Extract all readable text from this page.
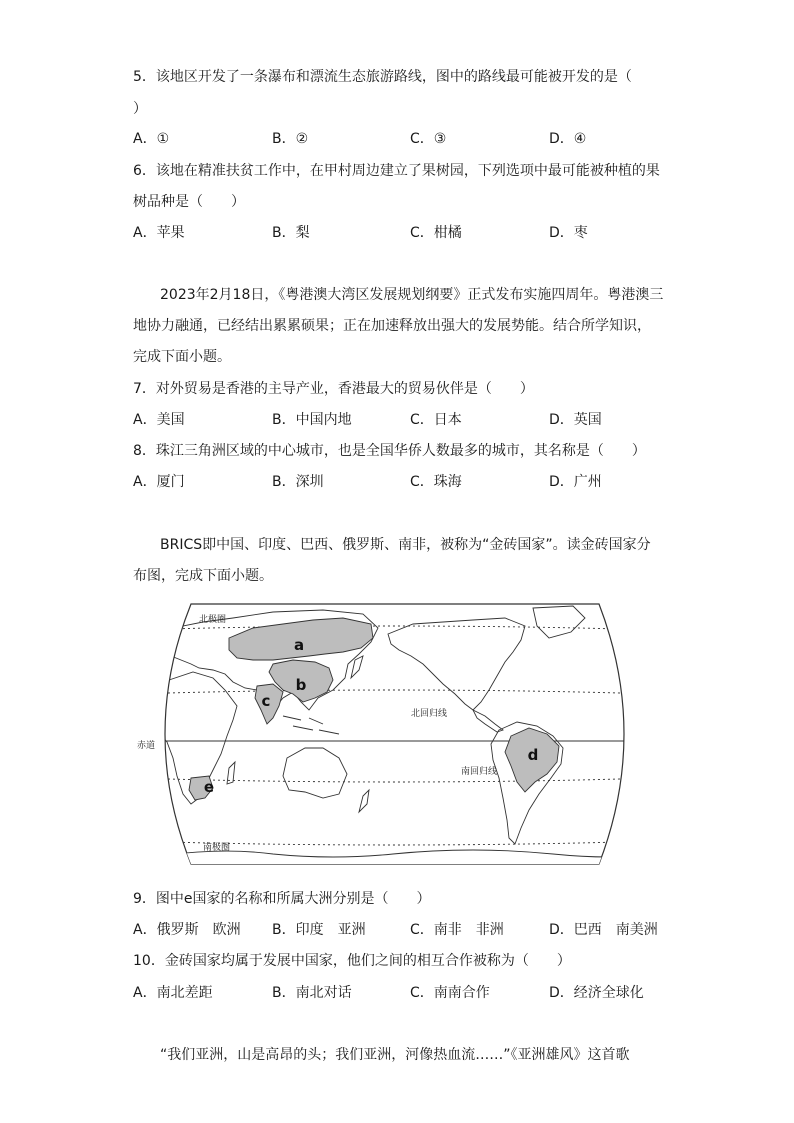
5．该地区开发了一条瀑布和漂流生态旅游路线，图中的路线最可能被开发的是（
）
A．①	B．②	C．③	D．④
6．该地在精准扶贫工作中，在甲村周边建立了果树园，下列选项中最可能被种植的果
树品种是（　　）
A．苹果	B．梨	C．柑橘	D．枣
2023年2月18日，《粤港澳大湾区发展规划纲要》正式发布实施四周年。粤港澳三
地协力融通，已经结出累累硕果；正在加速释放出强大的发展势能。结合所学知识，
完成下面小题。
7．对外贸易是香港的主导产业，香港最大的贸易伙伴是（　　）
A．美国	B．中国内地	C．日本	D．英国
8．珠江三角洲区域的中心城市，也是全国华侨人数最多的城市，其名称是（　　）
A．厦门	B．深圳	C．珠海	D．广州
BRICS即中国、印度、巴西、俄罗斯、南非，被称为“金砖国家”。读金砖国家分
布图，完成下面小题。
a
b
c
d
e
北极圈
北回归线
赤道
南回归线
南极圈
9．图中e国家的名称和所属大洲分别是（　　）
A．俄罗斯　欧洲 B．印度　亚洲	C．南非　非洲	D．巴西　南美洲
10．金砖国家均属于发展中国家，他们之间的相互合作被称为（　　）
A．南北差距	B．南北对话	C．南南合作	D．经济全球化
“我们亚洲，山是高昂的头；我们亚洲，河像热血流……”《亚洲雄风》这首歌
